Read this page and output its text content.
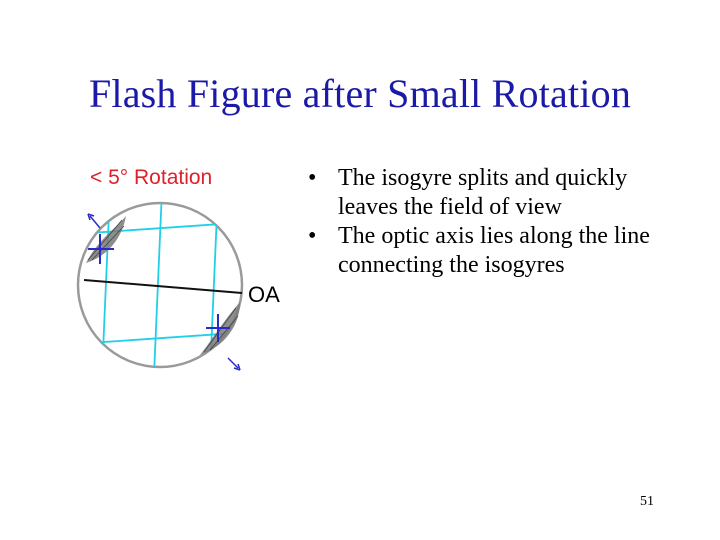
Flash Figure after Small Rotation
< 5° Rotation
OA
• The isogyre splits and quickly leaves the field of view
• The optic axis lies along the line connecting the isogyres
51
